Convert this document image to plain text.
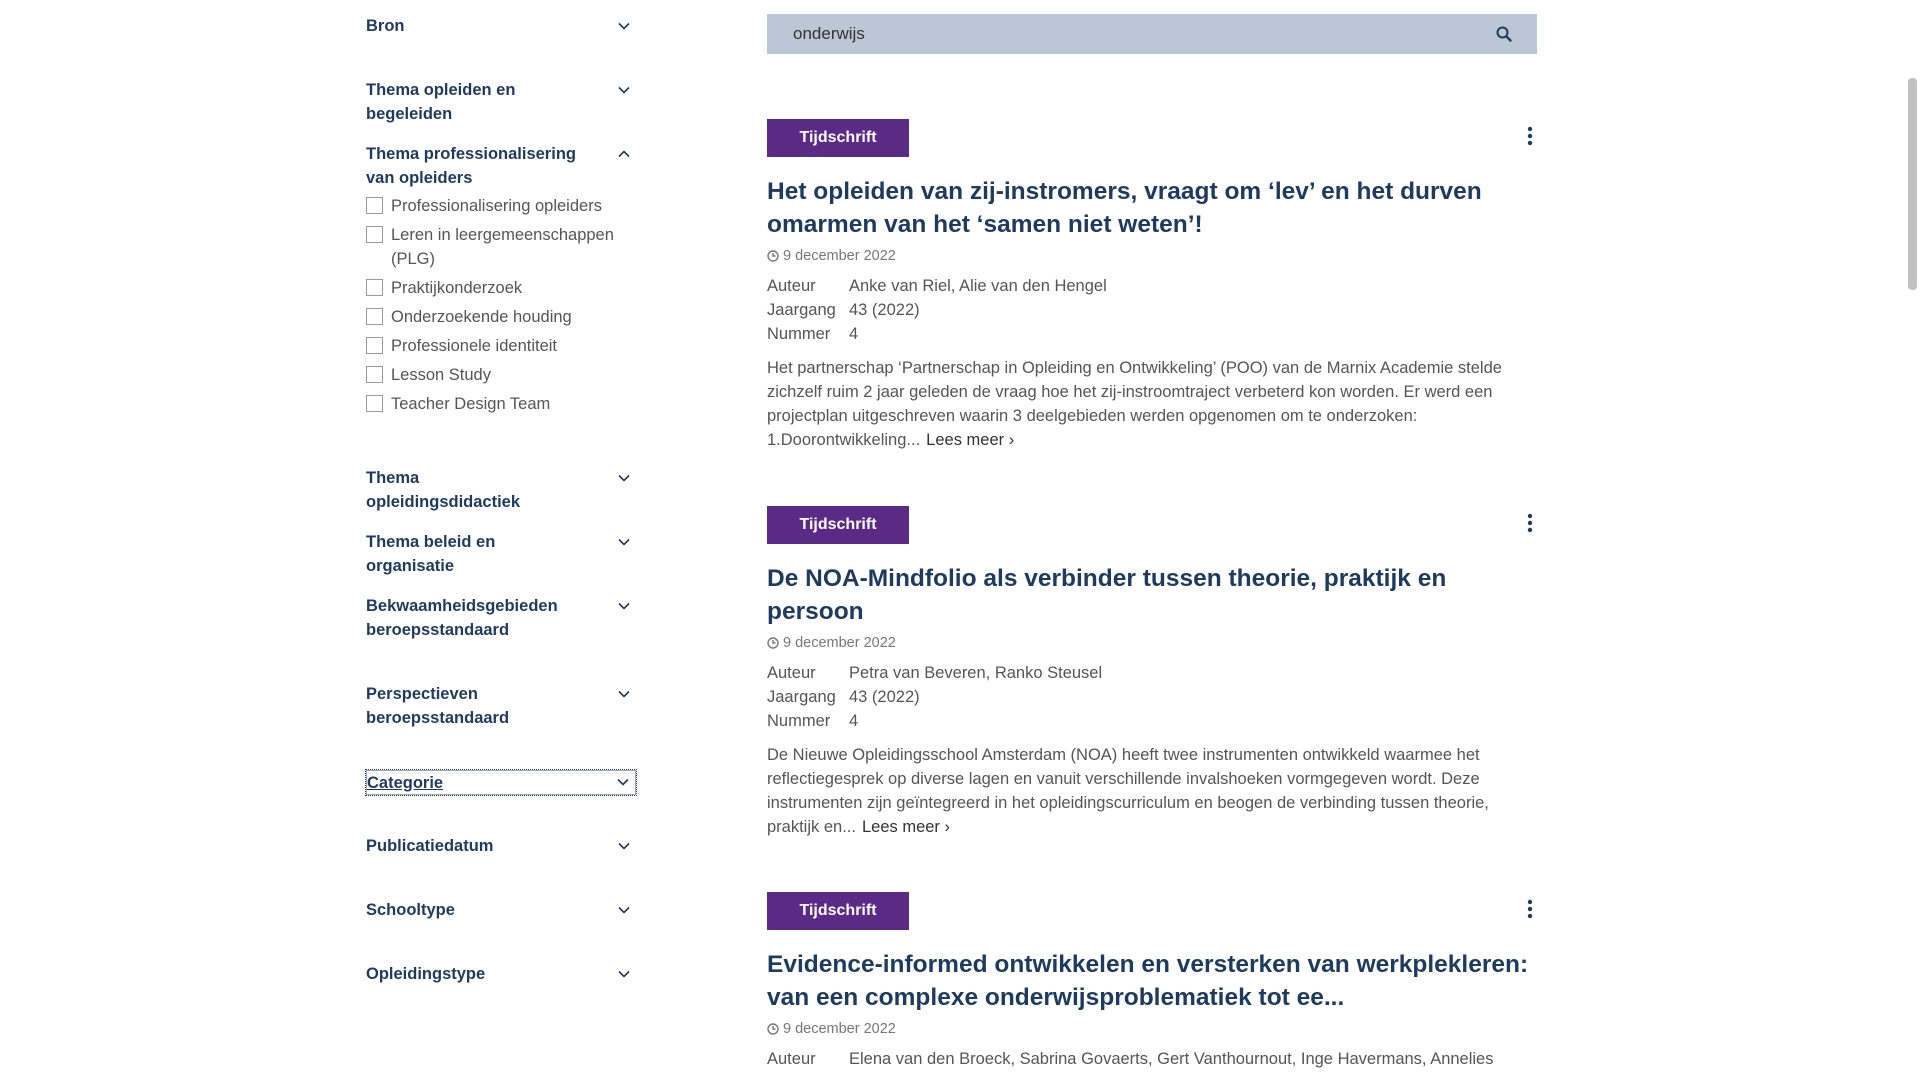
Bron
Thema opleiden en begeleiden
Thema professionalisering van opleiders
Professionalisering opleiders
Leren in leergemeenschappen (PLG)
Praktijkonderzoek
Onderzoekende houding
Professionele identiteit
Lesson Study
Teacher Design Team
Thema opleidingsdidactiek
Thema beleid en organisatie
Bekwaamheidsgebieden beroepsstandaard
Perspectieven beroepsstandaard
Categorie
Publicatiedatum
Schooltype
Opleidingstype
onderwijs
Tijdschrift
Het opleiden van zij-instromers, vraagt om ‘lev’ en het durven omarmen van het ‘samen niet weten’!
9 december 2022
Auteur	Anke van Riel, Alie van den Hengel
Jaargang 43 (2022)
Nummer	4
Het partnerschap ‘Partnerschap in Opleiding en Ontwikkeling’ (POO) van de Marnix Academie stelde zichzelf ruim 2 jaar geleden de vraag hoe het zij-instroomtraject verbeterd kon worden. Er werd een projectplan uitgeschreven waarin 3 deelgebieden werden opgenomen om te onderzoken: 1.Doorontwikkeling... Lees meer ›
Tijdschrift
De NOA-Mindfolio als verbinder tussen theorie, praktijk en persoon
9 december 2022
Auteur	Petra van Beveren, Ranko Steusel
Jaargang 43 (2022)
Nummer	4
De Nieuwe Opleidingsschool Amsterdam (NOA) heeft twee instrumenten ontwikkeld waarmee het reflectiegesprek op diverse lagen en vanuit verschillende invalshoeken vormgegeven wordt. Deze instrumenten zijn geïntegreerd in het opleidingscurriculum en beogen de verbinding tussen theorie, praktijk en... Lees meer ›
Tijdschrift
Evidence-informed ontwikkelen en versterken van werkplekleren: van een complexe onderwijsproblematiek tot ee...
9 december 2022
Auteur	Elena van den Broeck, Sabrina Govaerts, Gert Vanthournout, Inge Havermans, Annelies
